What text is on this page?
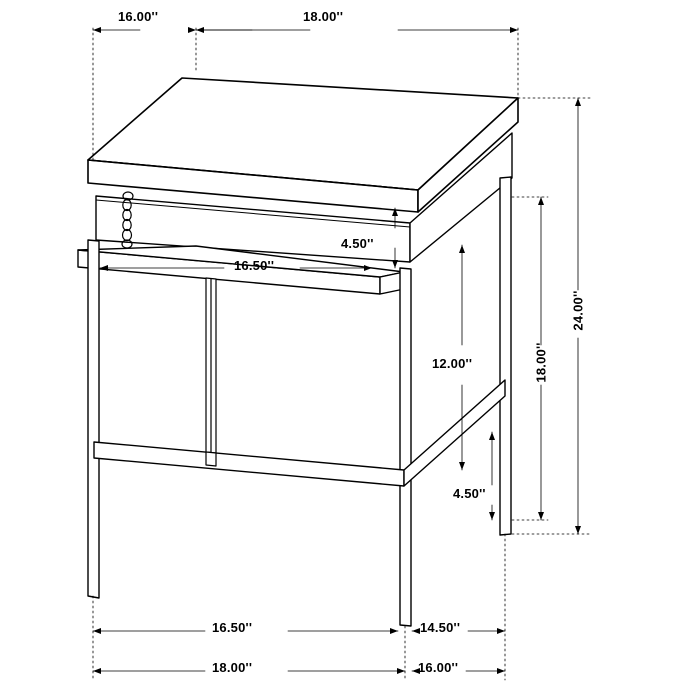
16.00''	18.00''
4.50''
16.50''
24.00''
18.00''
12.00''
4.50''
16.50''	14.50''
18.00''	16.00''
